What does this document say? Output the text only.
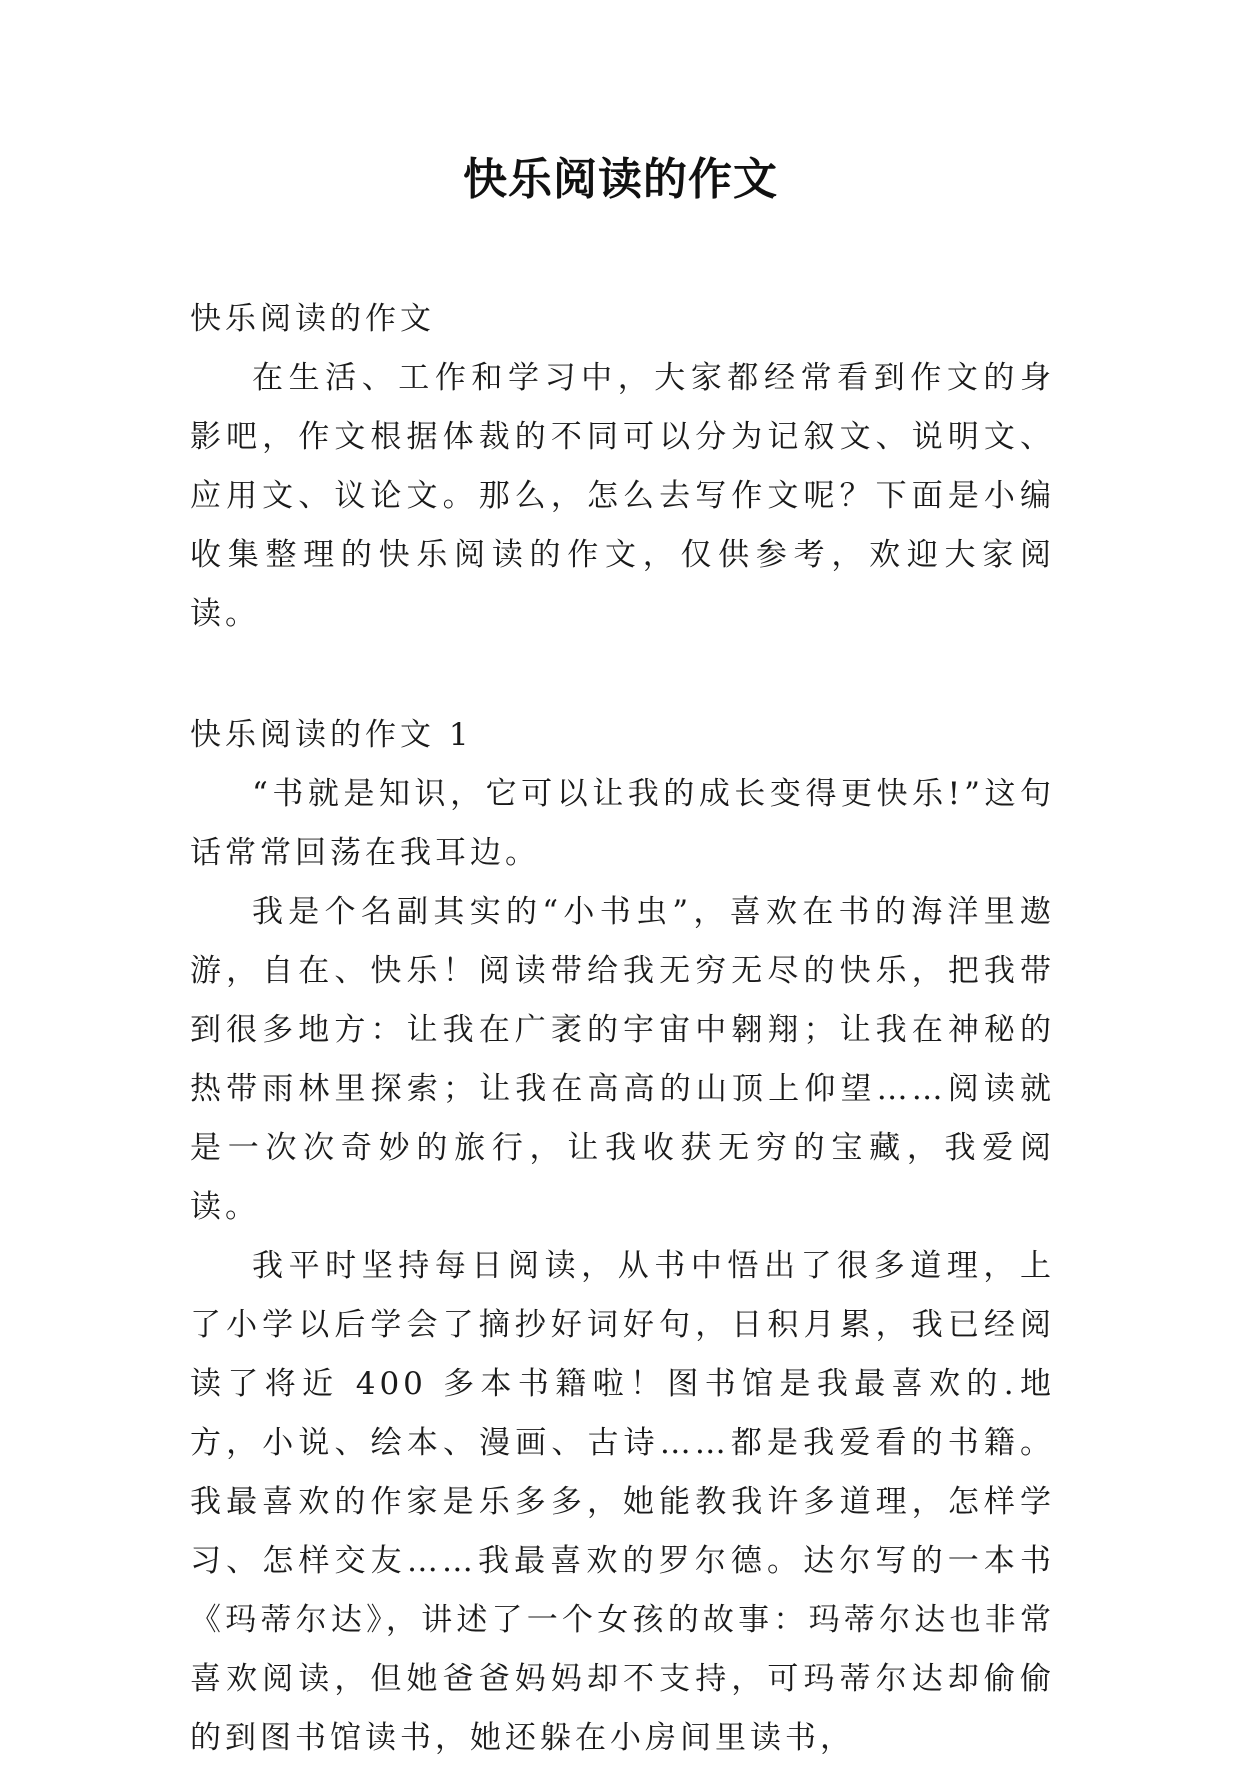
快乐阅读的作文

快乐阅读的作文

在生活、工作和学习中，大家都经常看到作文的身影吧，作文根据体裁的不同可以分为记叙文、说明文、应用文、议论文。那么，怎么去写作文呢？下面是小编收集整理的快乐阅读的作文，仅供参考，欢迎大家阅读。

快乐阅读的作文 1

“书就是知识，它可以让我的成长变得更快乐!”这句话常常回荡在我耳边。

我是个名副其实的“小书虫”，喜欢在书的海洋里遨游，自在、快乐！阅读带给我无穷无尽的快乐，把我带到很多地方：让我在广袤的宇宙中翱翔；让我在神秘的热带雨林里探索；让我在高高的山顶上仰望……阅读就是一次次奇妙的旅行，让我收获无穷的宝藏，我爱阅读。

我平时坚持每日阅读，从书中悟出了很多道理，上了小学以后学会了摘抄好词好句，日积月累，我已经阅读了将近 400 多本书籍啦！图书馆是我最喜欢的.地方，小说、绘本、漫画、古诗……都是我爱看的书籍。我最喜欢的作家是乐多多，她能教我许多道理，怎样学习、怎样交友……我最喜欢的罗尔德。达尔写的一本书《玛蒂尔达》，讲述了一个女孩的故事：玛蒂尔达也非常喜欢阅读，但她爸爸妈妈却不支持，可玛蒂尔达却偷偷的到图书馆读书，她还躲在小房间里读书，
